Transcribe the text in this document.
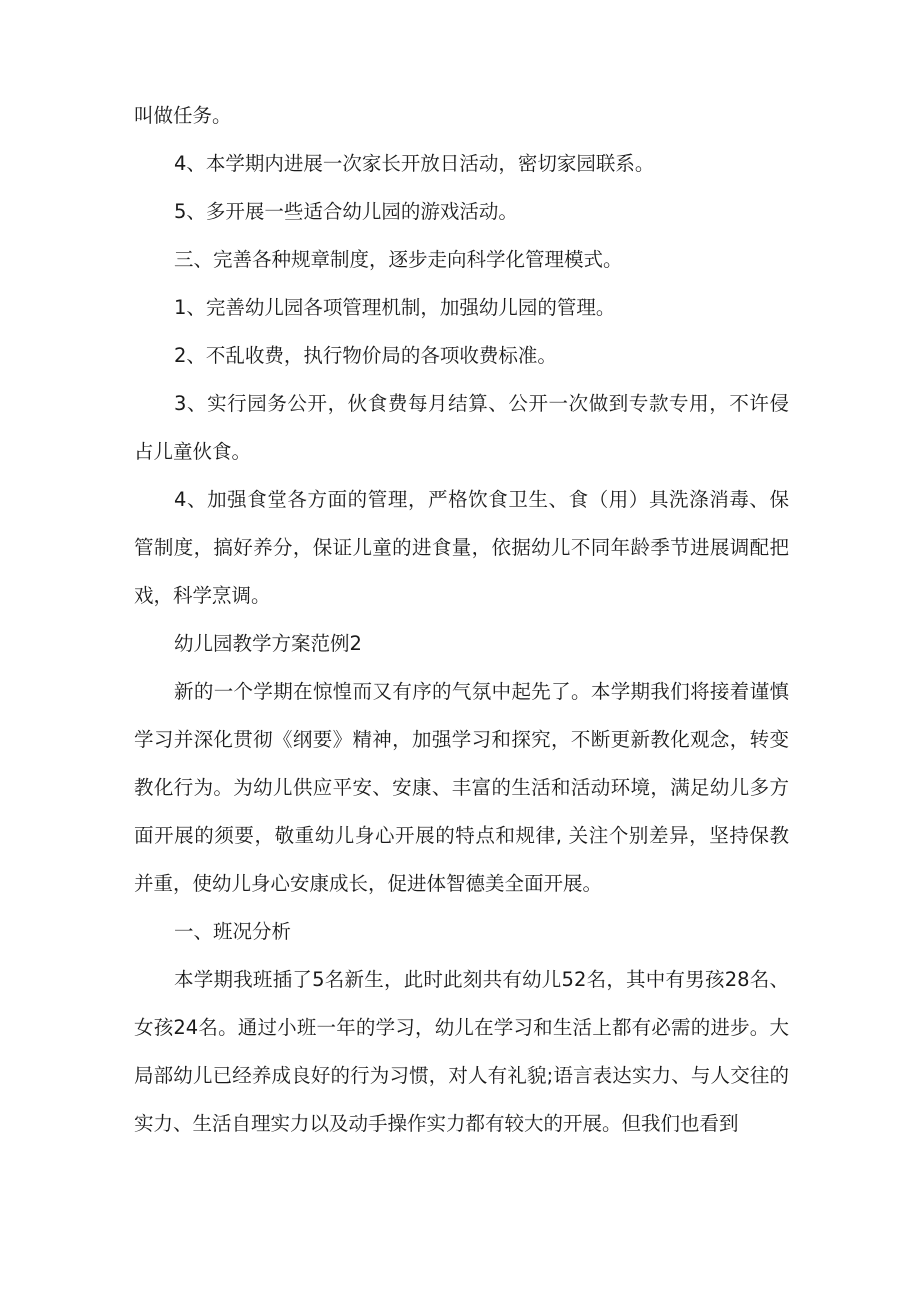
叫做任务。

4、本学期内进展一次家长开放日活动，密切家园联系。

5、多开展一些适合幼儿园的游戏活动。

三、完善各种规章制度，逐步走向科学化管理模式。

1、完善幼儿园各项管理机制，加强幼儿园的管理。

2、不乱收费，执行物价局的各项收费标准。

3、实行园务公开，伙食费每月结算、公开一次做到专款专用，不许侵占儿童伙食。

4、加强食堂各方面的管理，严格饮食卫生、食（用）具洗涤消毒、保管制度，搞好养分，保证儿童的进食量，依据幼儿不同年龄季节进展调配把戏，科学烹调。

幼儿园教学方案范例2

新的一个学期在惊惶而又有序的气氛中起先了。本学期我们将接着谨慎学习并深化贯彻《纲要》精神，加强学习和探究，不断更新教化观念，转变教化行为。为幼儿供应平安、安康、丰富的生活和活动环境，满足幼儿多方面开展的须要，敬重幼儿身心开展的特点和规律, 关注个别差异，坚持保教并重，使幼儿身心安康成长，促进体智德美全面开展。

一、班况分析

本学期我班插了5名新生，此时此刻共有幼儿52名，其中有男孩28名、女孩24名。通过小班一年的学习，幼儿在学习和生活上都有必需的进步。大局部幼儿已经养成良好的行为习惯，对人有礼貌;语言表达实力、与人交往的实力、生活自理实力以及动手操作实力都有较大的开展。但我们也看到
